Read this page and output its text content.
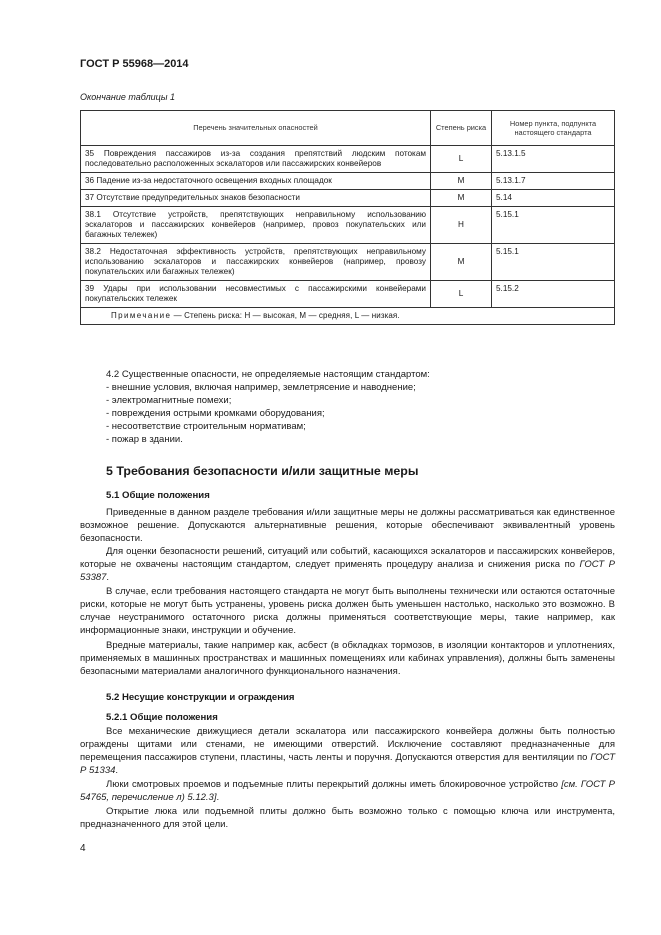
ГОСТ Р 55968—2014
Окончание таблицы 1
Перечень значительных опасностей	Степень риска	Номер пункта, подпункта настоящего стандарта
35 Повреждения пассажиров из-за создания препятствий людским потокам последовательно расположенных эскалаторов или пассажирских конвейеров	L	5.13.1.5
36 Падение из-за недостаточного освещения входных площадок	M	5.13.1.7
37 Отсутствие предупредительных знаков безопасности	M	5.14
38.1 Отсутствие устройств, препятствующих неправильному использованию эскалаторов и пассажирских конвейеров (например, провоз покупательских или багажных тележек)	H	5.15.1
38.2 Недостаточная эффективность устройств, препятствующих неправильному использованию эскалаторов и пассажирских конвейеров (например, провозу покупательских или багажных тележек)	M	5.15.1
39 Удары при использовании несовместимых с пассажирскими конвейерами покупательских тележек	L	5.15.2
Примечание — Степень риска: H — высокая, M — средняя, L — низкая.		

4.2 Существенные опасности, не определяемые настоящим стандартом:

- внешние условия, включая например, землетрясение и наводнение;

- электромагнитные помехи;

- повреждения острыми кромками оборудования;

- несоответствие строительным нормативам;

- пожар в здании.

5 Требования безопасности и/или защитные меры
5.1 Общие положения

Приведенные в данном разделе требования и/или защитные меры не должны рассматриваться как единственное возможное решение. Допускаются альтернативные решения, которые обеспечивают эквивалентный уровень безопасности.

Для оценки безопасности решений, ситуаций или событий, касающихся эскалаторов и пассажирских конвейеров, которые не охвачены настоящим стандартом, следует применять процедуру анализа и снижения риска по ГОСТ Р 53387.

В случае, если требования настоящего стандарта не могут быть выполнены технически или остаются остаточные риски, которые не могут быть устранены, уровень риска должен быть уменьшен настолько, насколько это возможно. В случае неустранимого остаточного риска должны применяться соответствующие меры, такие например, как информационные знаки, инструкции и обучение.

Вредные материалы, такие например как, асбест (в обкладках тормозов, в изоляции контакторов и уплотнениях, применяемых в машинных пространствах и машинных помещениях или кабинах управления), должны быть заменены безопасными материалами аналогичного функционального назначения.

5.2 Несущие конструкции и ограждения
5.2.1 Общие положения

Все механические движущиеся детали эскалатора или пассажирского конвейера должны быть полностью ограждены щитами или стенами, не имеющими отверстий. Исключение составляют предназначенные для перемещения пассажиров ступени, пластины, часть ленты и поручня. Допускаются отверстия для вентиляции по ГОСТ Р 51334.

Люки смотровых проемов и подъемные плиты перекрытий должны иметь блокировочное устройство [см. ГОСТ Р 54765, перечисление л) 5.12.3].

Открытие люка или подъемной плиты должно быть возможно только с помощью ключа или инструмента, предназначенного для этой цели.

4
